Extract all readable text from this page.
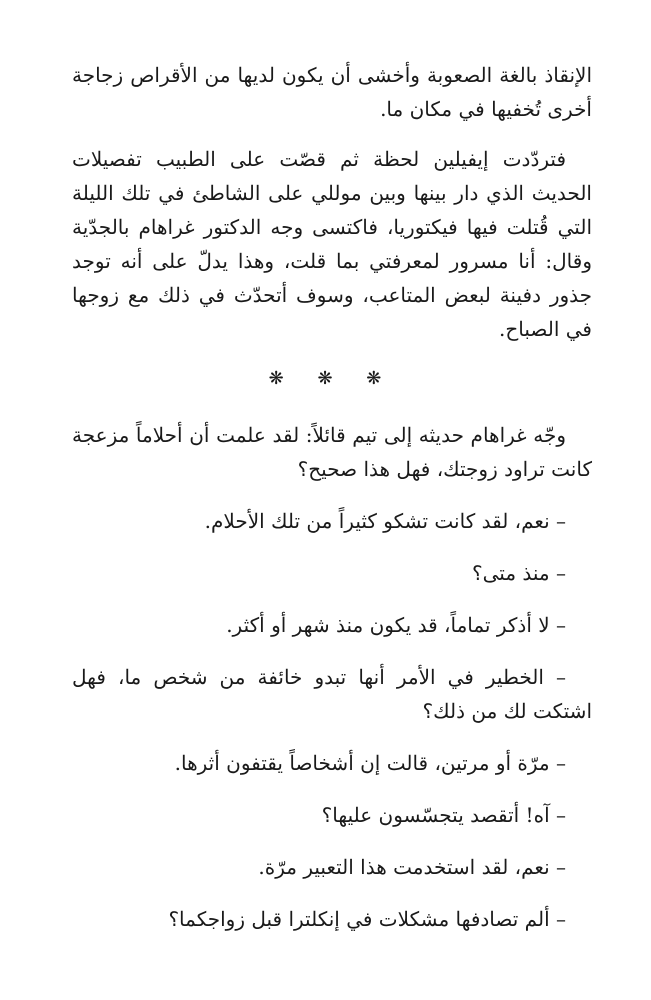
الإنقاذ بالغة الصعوبة وأخشى أن يكون لديها من الأقراص زجاجة أخرى تُخفيها في مكان ما.

فتردّدت إيفيلين لحظة ثم قصّت على الطبيب تفصيلات الحديث الذي دار بينها وبين موللي على الشاطئ في تلك الليلة التي قُتلت فيها فيكتوريا، فاكتسى وجه الدكتور غراهام بالجدّية وقال: أنا مسرور لمعرفتي بما قلت، وهذا يدلّ على أنه توجد جذور دفينة لبعض المتاعب، وسوف أتحدّث في ذلك مع زوجها في الصباح.

❋ ❋ ❋

وجّه غراهام حديثه إلى تيم قائلاً: لقد علمت أن أحلاماً مزعجة كانت تراود زوجتك، فهل هذا صحيح؟

– نعم، لقد كانت تشكو كثيراً من تلك الأحلام.

– منذ متى؟

– لا أذكر تماماً، قد يكون منذ شهر أو أكثر.

– الخطير في الأمر أنها تبدو خائفة من شخص ما، فهل اشتكت لك من ذلك؟

– مرّة أو مرتين، قالت إن أشخاصاً يقتفون أثرها.

– آه! أتقصد يتجسّسون عليها؟

– نعم، لقد استخدمت هذا التعبير مرّة.

– ألم تصادفها مشكلات في إنكلترا قبل زواجكما؟
